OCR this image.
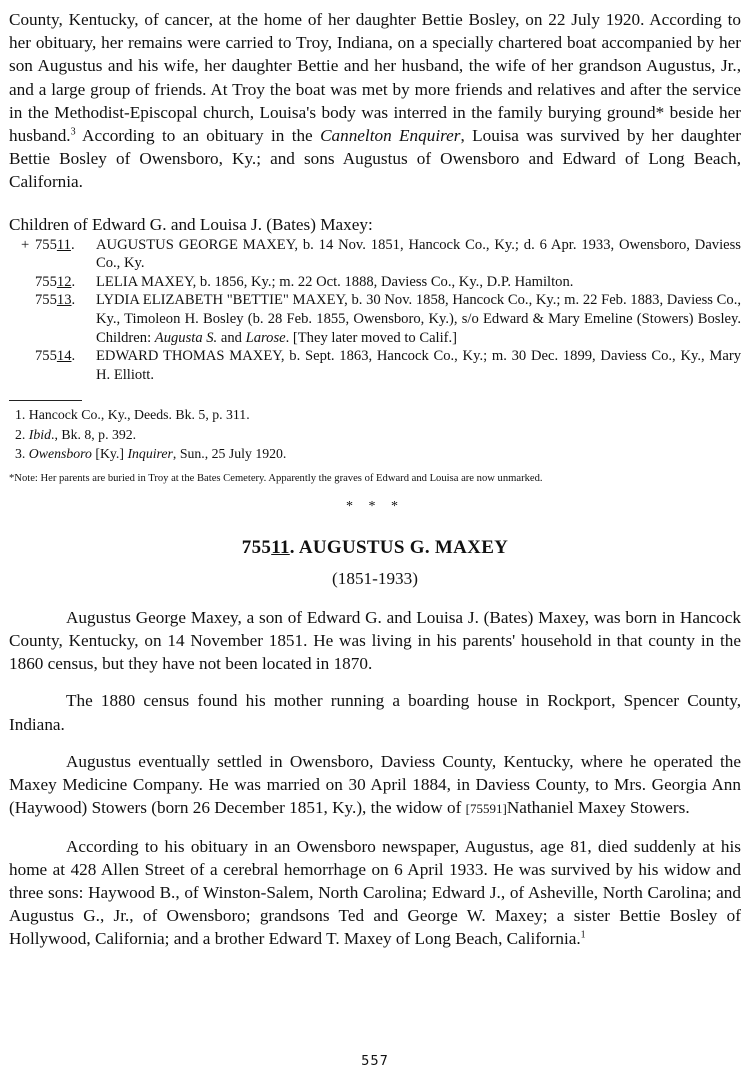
County, Kentucky, of cancer, at the home of her daughter Bettie Bosley, on 22 July 1920. According to her obituary, her remains were carried to Troy, Indiana, on a specially chartered boat accompanied by her son Augustus and his wife, her daughter Bettie and her husband, the wife of her grandson Augustus, Jr., and a large group of friends. At Troy the boat was met by more friends and relatives and after the service in the Methodist-Episcopal church, Louisa's body was interred in the family burying ground* beside her husband.$^3$ According to an obituary in the Cannelton Enquirer, Louisa was survived by her daughter Bettie Bosley of Owensboro, Ky.; and sons Augustus of Owensboro and Edward of Long Beach, California.

Children of Edward G. and Louisa J. (Bates) Maxey:
+ 75511. AUGUSTUS GEORGE MAXEY, b. 14 Nov. 1851, Hancock Co., Ky.; d. 6 Apr. 1933, Owensboro, Daviess Co., Ky.
75512. LELIA MAXEY, b. 1856, Ky.; m. 22 Oct. 1888, Daviess Co., Ky., D.P. Hamilton.
75513. LYDIA ELIZABETH "BETTIE" MAXEY, b. 30 Nov. 1858, Hancock Co., Ky.; m. 22 Feb. 1883, Daviess Co., Ky., Timoleon H. Bosley (b. 28 Feb. 1855, Owensboro, Ky.), s/o Edward & Mary Emeline (Stowers) Bosley. Children: Augusta S. and Larose. [They later moved to Calif.]
75514. EDWARD THOMAS MAXEY, b. Sept. 1863, Hancock Co., Ky.; m. 30 Dec. 1899, Daviess Co., Ky., Mary H. Elliott.
1. Hancock Co., Ky., Deeds. Bk. 5, p. 311.
2. Ibid., Bk. 8, p. 392.
3. Owensboro [Ky.] Inquirer, Sun., 25 July 1920.
*Note: Her parents are buried in Troy at the Bates Cemetery. Apparently the graves of Edward and Louisa are now unmarked.
* * *
75511. AUGUSTUS G. MAXEY
(1851-1933)

Augustus George Maxey, a son of Edward G. and Louisa J. (Bates) Maxey, was born in Hancock County, Kentucky, on 14 November 1851. He was living in his parents' household in that county in the 1860 census, but they have not been located in 1870.

The 1880 census found his mother running a boarding house in Rockport, Spencer County, Indiana.

Augustus eventually settled in Owensboro, Daviess County, Kentucky, where he operated the Maxey Medicine Company. He was married on 30 April 1884, in Daviess County, to Mrs. Georgia Ann (Haywood) Stowers (born 26 December 1851, Ky.), the widow of [75591]Nathaniel Maxey Stowers.

According to his obituary in an Owensboro newspaper, Augustus, age 81, died suddenly at his home at 428 Allen Street of a cerebral hemorrhage on 6 April 1933. He was survived by his widow and three sons: Haywood B., of Winston-Salem, North Carolina; Edward J., of Asheville, North Carolina; and Augustus G., Jr., of Owensboro; grandsons Ted and George W. Maxey; a sister Bettie Bosley of Hollywood, California; and a brother Edward T. Maxey of Long Beach, California.$^1$

557
